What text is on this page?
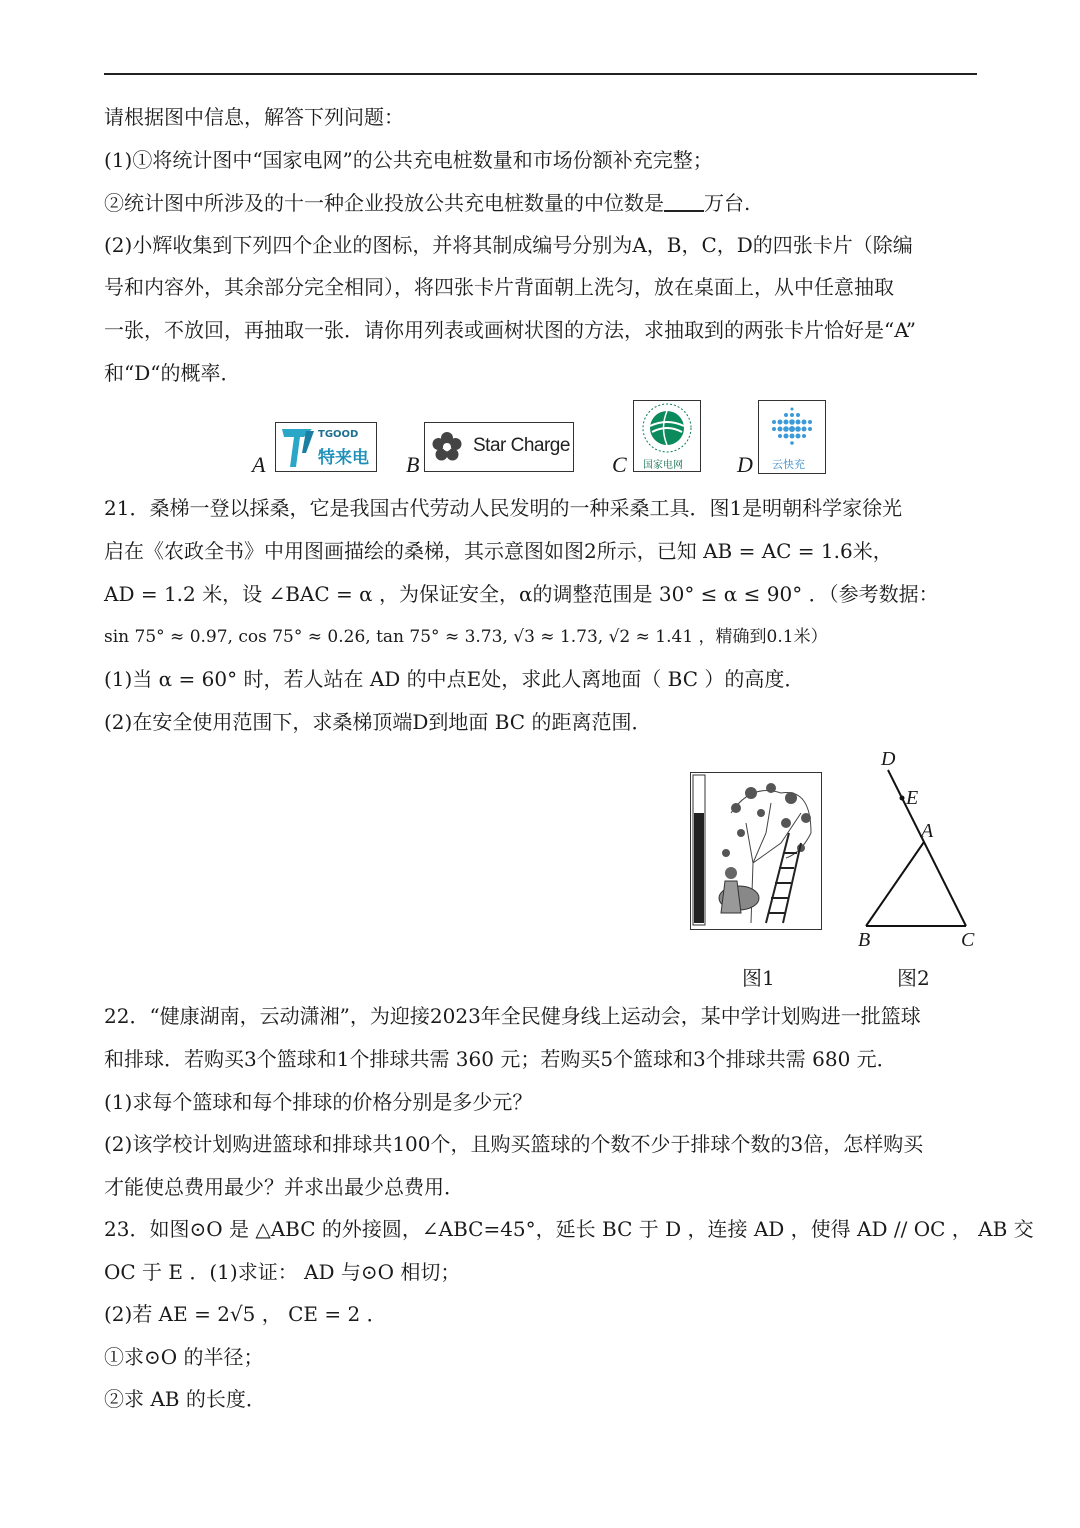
请根据图中信息，解答下列问题：
(1)①将统计图中“国家电网”的公共充电桩数量和市场份额补充完整；
②统计图中所涉及的十一种企业投放公共充电桩数量的中位数是 万台.
(2)小辉收集到下列四个企业的图标，并将其制成编号分别为A，B，C，D的四张卡片（除编
号和内容外，其余部分完全相同），将四张卡片背面朝上洗匀，放在桌面上，从中任意抽取
一张，不放回，再抽取一张．请你用列表或画树状图的方法，求抽取到的两张卡片恰好是“A”
和“D“的概率．
A
TGOOD
特来电 B
Star Charge
C 国家电网 D 云快充
21．桑梯一登以採桑，它是我国古代劳动人民发明的一种采桑工具．图1是明朝科学家徐光
启在《农政全书》中用图画描绘的桑梯，其示意图如图2所示，已知 AB = AC = 1.6米，
AD = 1.2 米，设 ∠BAC = α ，为保证安全，α的调整范围是 30° ≤ α ≤ 90° ．（参考数据：
sin 75° ≈ 0.97, cos 75° ≈ 0.26, tan 75° ≈ 3.73, √3 ≈ 1.73, √2 ≈ 1.41 ，精确到0.1米）
(1)当 α = 60° 时，若人站在 AD 的中点E处，求此人离地面（ BC ）的高度．
(2)在安全使用范围下，求桑梯顶端D到地面 BC 的距离范围．
D
E
A
B	C
图1	图2
22．“健康湖南，云动潇湘”，为迎接2023年全民健身线上运动会，某中学计划购进一批篮球
和排球．若购买3个篮球和1个排球共需 360 元；若购买5个篮球和3个排球共需 680 元．
(1)求每个篮球和每个排球的价格分别是多少元？
(2)该学校计划购进篮球和排球共100个，且购买篮球的个数不少于排球个数的3倍，怎样购买
才能使总费用最少？并求出最少总费用．
23．如图⊙O 是 △ABC 的外接圆，∠ABC=45°，延长 BC 于 D ，连接 AD ，使得 AD // OC ， AB 交
OC 于 E ．(1)求证： AD 与⊙O 相切；
(2)若 AE = 2√5 ， CE = 2 ．
①求⊙O 的半径；
②求 AB 的长度．
